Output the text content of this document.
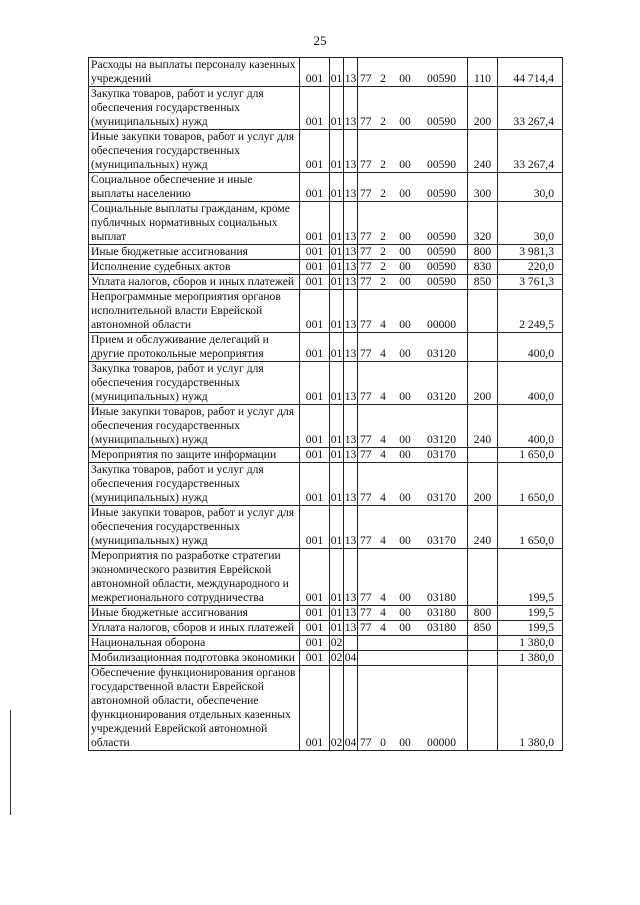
25
Расходы на выплаты персоналу казенных учреждений	001	01	13	77 2 00 00590	110	44 714,4
Закупка товаров, работ и услуг для обеспечения государственных (муниципальных) нужд	001	01	13	77 2 00 00590	200	33 267,4
Иные закупки товаров, работ и услуг для обеспечения государственных (муниципальных) нужд	001	01	13	77 2 00 00590	240	33 267,4
Социальное обеспечение и иные выплаты населению	001	01	13	77 2 00 00590	300	30,0
Социальные выплаты гражданам, кроме публичных нормативных социальных выплат	001	01	13	77 2 00 00590	320	30,0
Иные бюджетные ассигнования	001	01	13	77 2 00 00590	800	3 981,3
Исполнение судебных актов	001	01	13	77 2 00 00590	830	220,0
Уплата налогов, сборов и иных платежей	001	01	13	77 2 00 00590	850	3 761,3
Непрограммные мероприятия органов исполнительной власти Еврейской автономной области	001	01	13	77 4 00 00000		2 249,5
Прием и обслуживание делегаций и другие протокольные мероприятия	001	01	13	77 4 00 03120		400,0
Закупка товаров, работ и услуг для обеспечения государственных (муниципальных) нужд	001	01	13	77 4 00 03120	200	400,0
Иные закупки товаров, работ и услуг для обеспечения государственных (муниципальных) нужд	001	01	13	77 4 00 03120	240	400,0
Мероприятия по защите информации	001	01	13	77 4 00 03170		1 650,0
Закупка товаров, работ и услуг для обеспечения государственных (муниципальных) нужд	001	01	13	77 4 00 03170	200	1 650,0
Иные закупки товаров, работ и услуг для обеспечения государственных (муниципальных) нужд	001	01	13	77 4 00 03170	240	1 650,0
Мероприятия по разработке стратегии экономического развития Еврейской автономной области, международного и межрегионального сотрудничества	001	01	13	77 4 00 03180		199,5
Иные бюджетные ассигнования	001	01	13	77 4 00 03180	800	199,5
Уплата налогов, сборов и иных платежей	001	01	13	77 4 00 03180	850	199,5
Национальная оборона	001	02				1 380,0
Мобилизационная подготовка экономики	001	02	04			1 380,0
Обеспечение функционирования органов государственной власти Еврейской автономной области, обеспечение функционирования отдельных казенных учреждений Еврейской автономной области	001	02	04	77 0 00 00000		1 380,0
